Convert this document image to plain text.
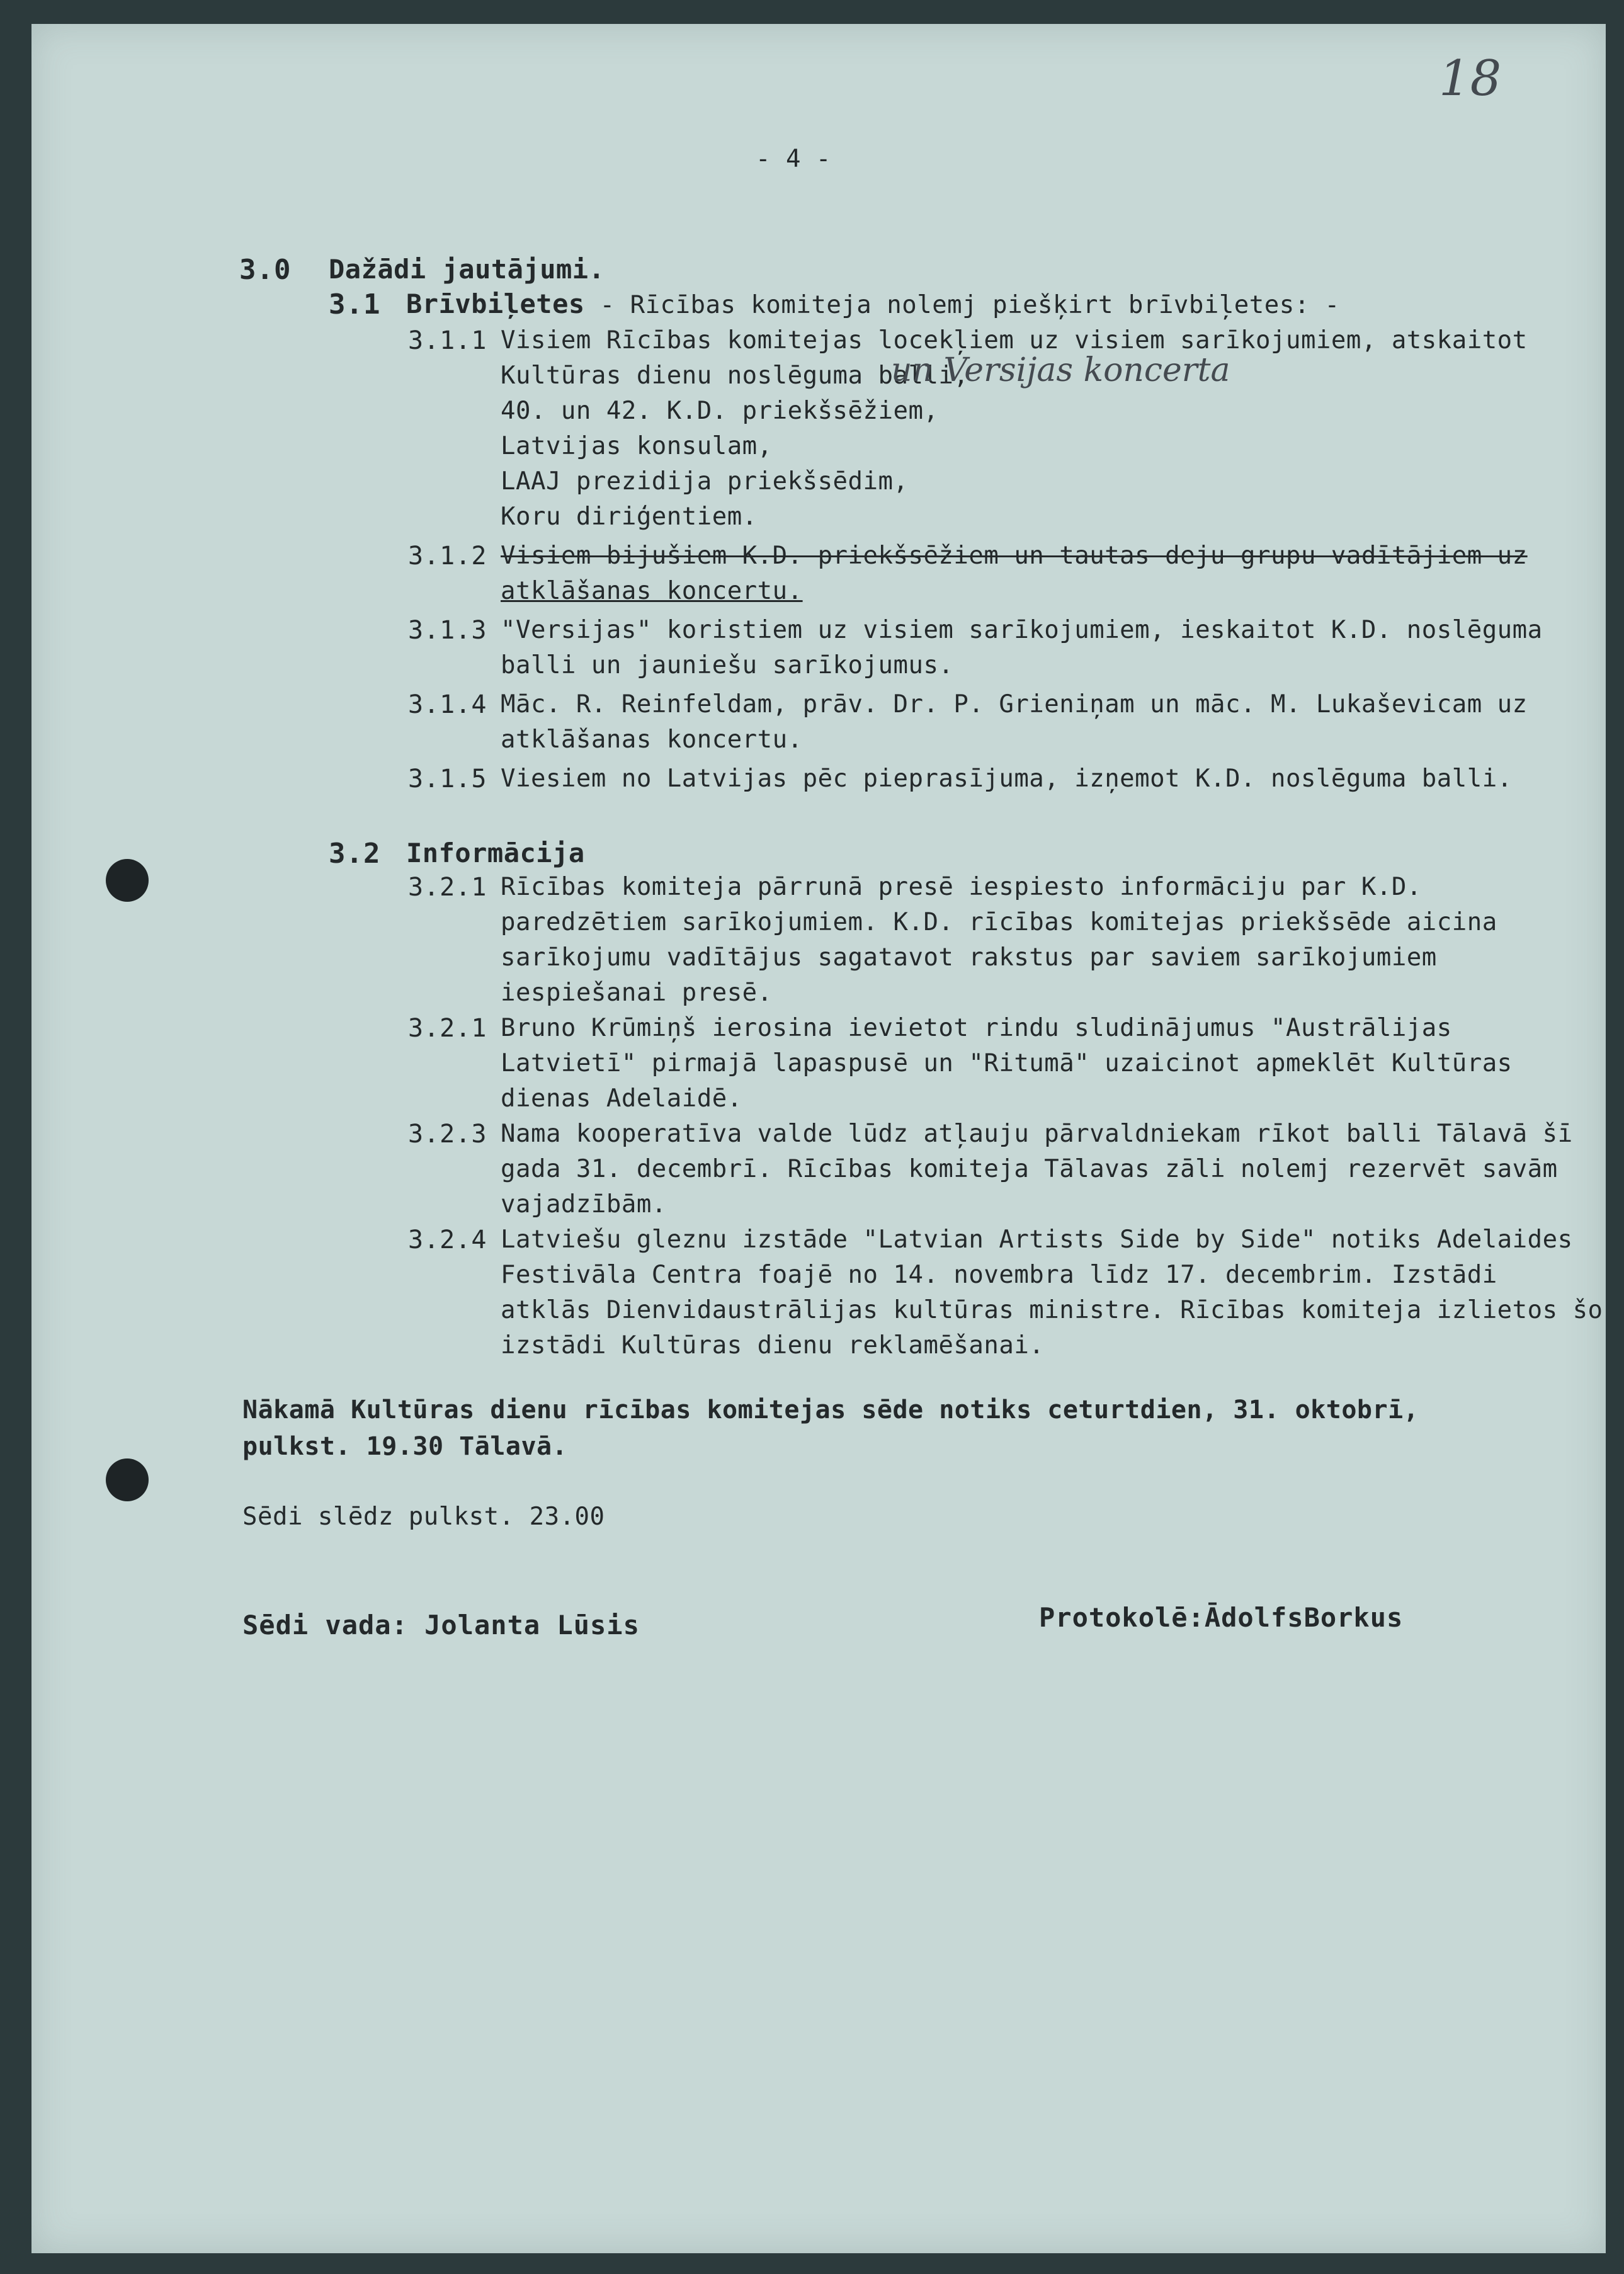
18
- 4 -
3.0 Dažādi jautājumi.
3.1 Brīvbiļetes - Rīcības komiteja nolemj piešķirt brīvbiļetes: -
3.1.1 Visiem Rīcības komitejas locekļiem uz visiem sarīkojumiem, atskaitot
Kultūras dienu noslēguma balli,
un Versijas koncerta
40. un 42. K.D. priekšsēžiem,
Latvijas konsulam,
LAAJ prezidija priekšsēdim,
Koru diriģentiem.
3.1.2 Visiem bijušiem K.D. priekšsēžiem un tautas deju grupu vadītājiem uz
atklāšanas koncertu.
3.1.3 "Versijas" koristiem uz visiem sarīkojumiem, ieskaitot K.D. noslēguma
balli un jauniešu sarīkojumus.
3.1.4 Māc. R. Reinfeldam, prāv. Dr. P. Grieniņam un māc. M. Lukaševicam uz
atklāšanas koncertu.
3.1.5 Viesiem no Latvijas pēc pieprasījuma, izņemot K.D. noslēguma balli.
3.2 Informācija
3.2.1 Rīcības komiteja pārrunā presē iespiesto informāciju par K.D.
paredzētiem sarīkojumiem. K.D. rīcības komitejas priekšsēde aicina
sarīkojumu vadītājus sagatavot rakstus par saviem sarīkojumiem
iespiešanai presē.
3.2.1 Bruno Krūmiņš ierosina ievietot rindu sludinājumus "Austrālijas
Latvietī" pirmajā lapaspusē un "Ritumā" uzaicinot apmeklēt Kultūras
dienas Adelaidē.
3.2.3 Nama kooperatīva valde lūdz atļauju pārvaldniekam rīkot balli Tālavā šī
gada 31. decembrī. Rīcības komiteja Tālavas zāli nolemj rezervēt savām
vajadzībām.
3.2.4 Latviešu gleznu izstāde "Latvian Artists Side by Side" notiks Adelaides
Festivāla Centra foajē no 14. novembra līdz 17. decembrim. Izstādi
atklās Dienvidaustrālijas kultūras ministre. Rīcības komiteja izlietos šo
izstādi Kultūras dienu reklamēšanai.
Nākamā Kultūras dienu rīcības komitejas sēde notiks ceturtdien, 31. oktobrī,
pulkst. 19.30 Tālavā.
Sēdi slēdz pulkst. 23.00
Sēdi vada: Jolanta Lūsis	Protokolē:ĀdolfsBorkus
